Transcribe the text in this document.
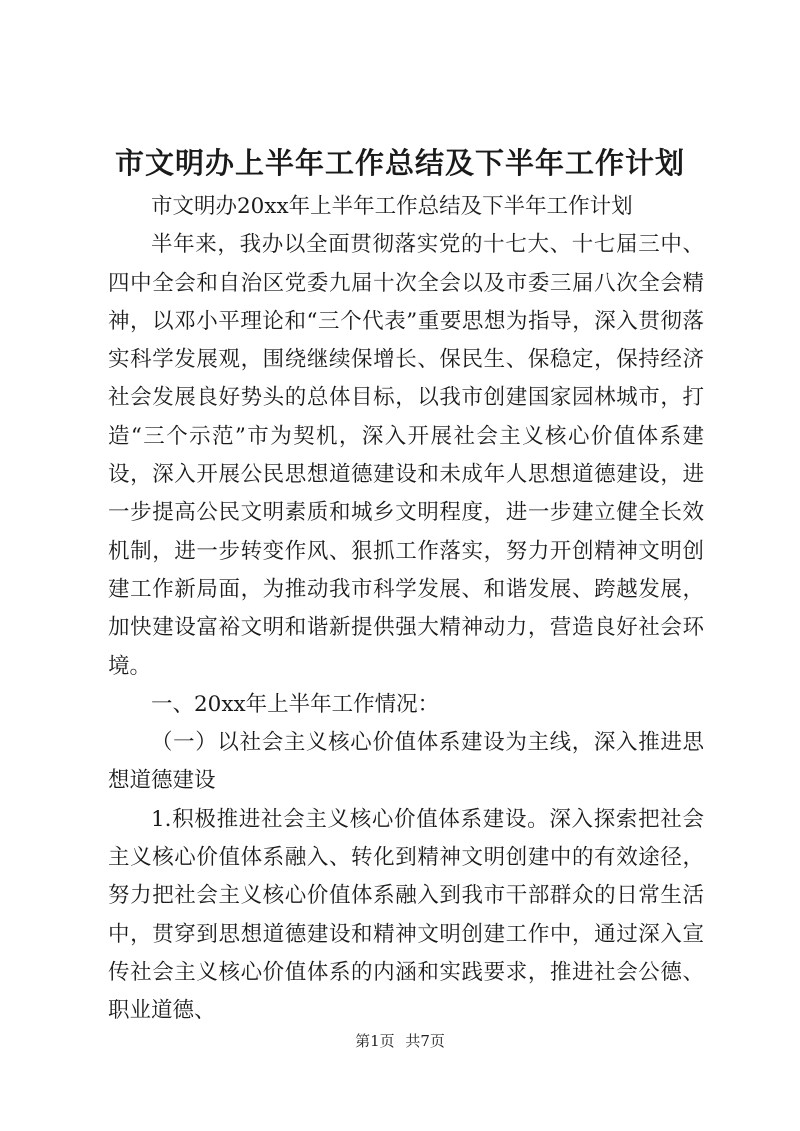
市文明办上半年工作总结及下半年工作计划

市文明办20xx年上半年工作总结及下半年工作计划

半年来，我办以全面贯彻落实党的十七大、十七届三中、四中全会和自治区党委九届十次全会以及市委三届八次全会精神，以邓小平理论和“三个代表”重要思想为指导，深入贯彻落实科学发展观，围绕继续保增长、保民生、保稳定，保持经济社会发展良好势头的总体目标，以我市创建国家园林城市，打造“三个示范”市为契机，深入开展社会主义核心价值体系建设，深入开展公民思想道德建设和未成年人思想道德建设，进一步提高公民文明素质和城乡文明程度，进一步建立健全长效机制，进一步转变作风、狠抓工作落实，努力开创精神文明创建工作新局面，为推动我市科学发展、和谐发展、跨越发展，加快建设富裕文明和谐新提供强大精神动力，营造良好社会环境。

一、20xx年上半年工作情况：

（一）以社会主义核心价值体系建设为主线，深入推进思想道德建设

1.积极推进社会主义核心价值体系建设。深入探索把社会主义核心价值体系融入、转化到精神文明创建中的有效途径，努力把社会主义核心价值体系融入到我市干部群众的日常生活中，贯穿到思想道德建设和精神文明创建工作中，通过深入宣传社会主义核心价值体系的内涵和实践要求，推进社会公德、职业道德、

第1页 共7页
